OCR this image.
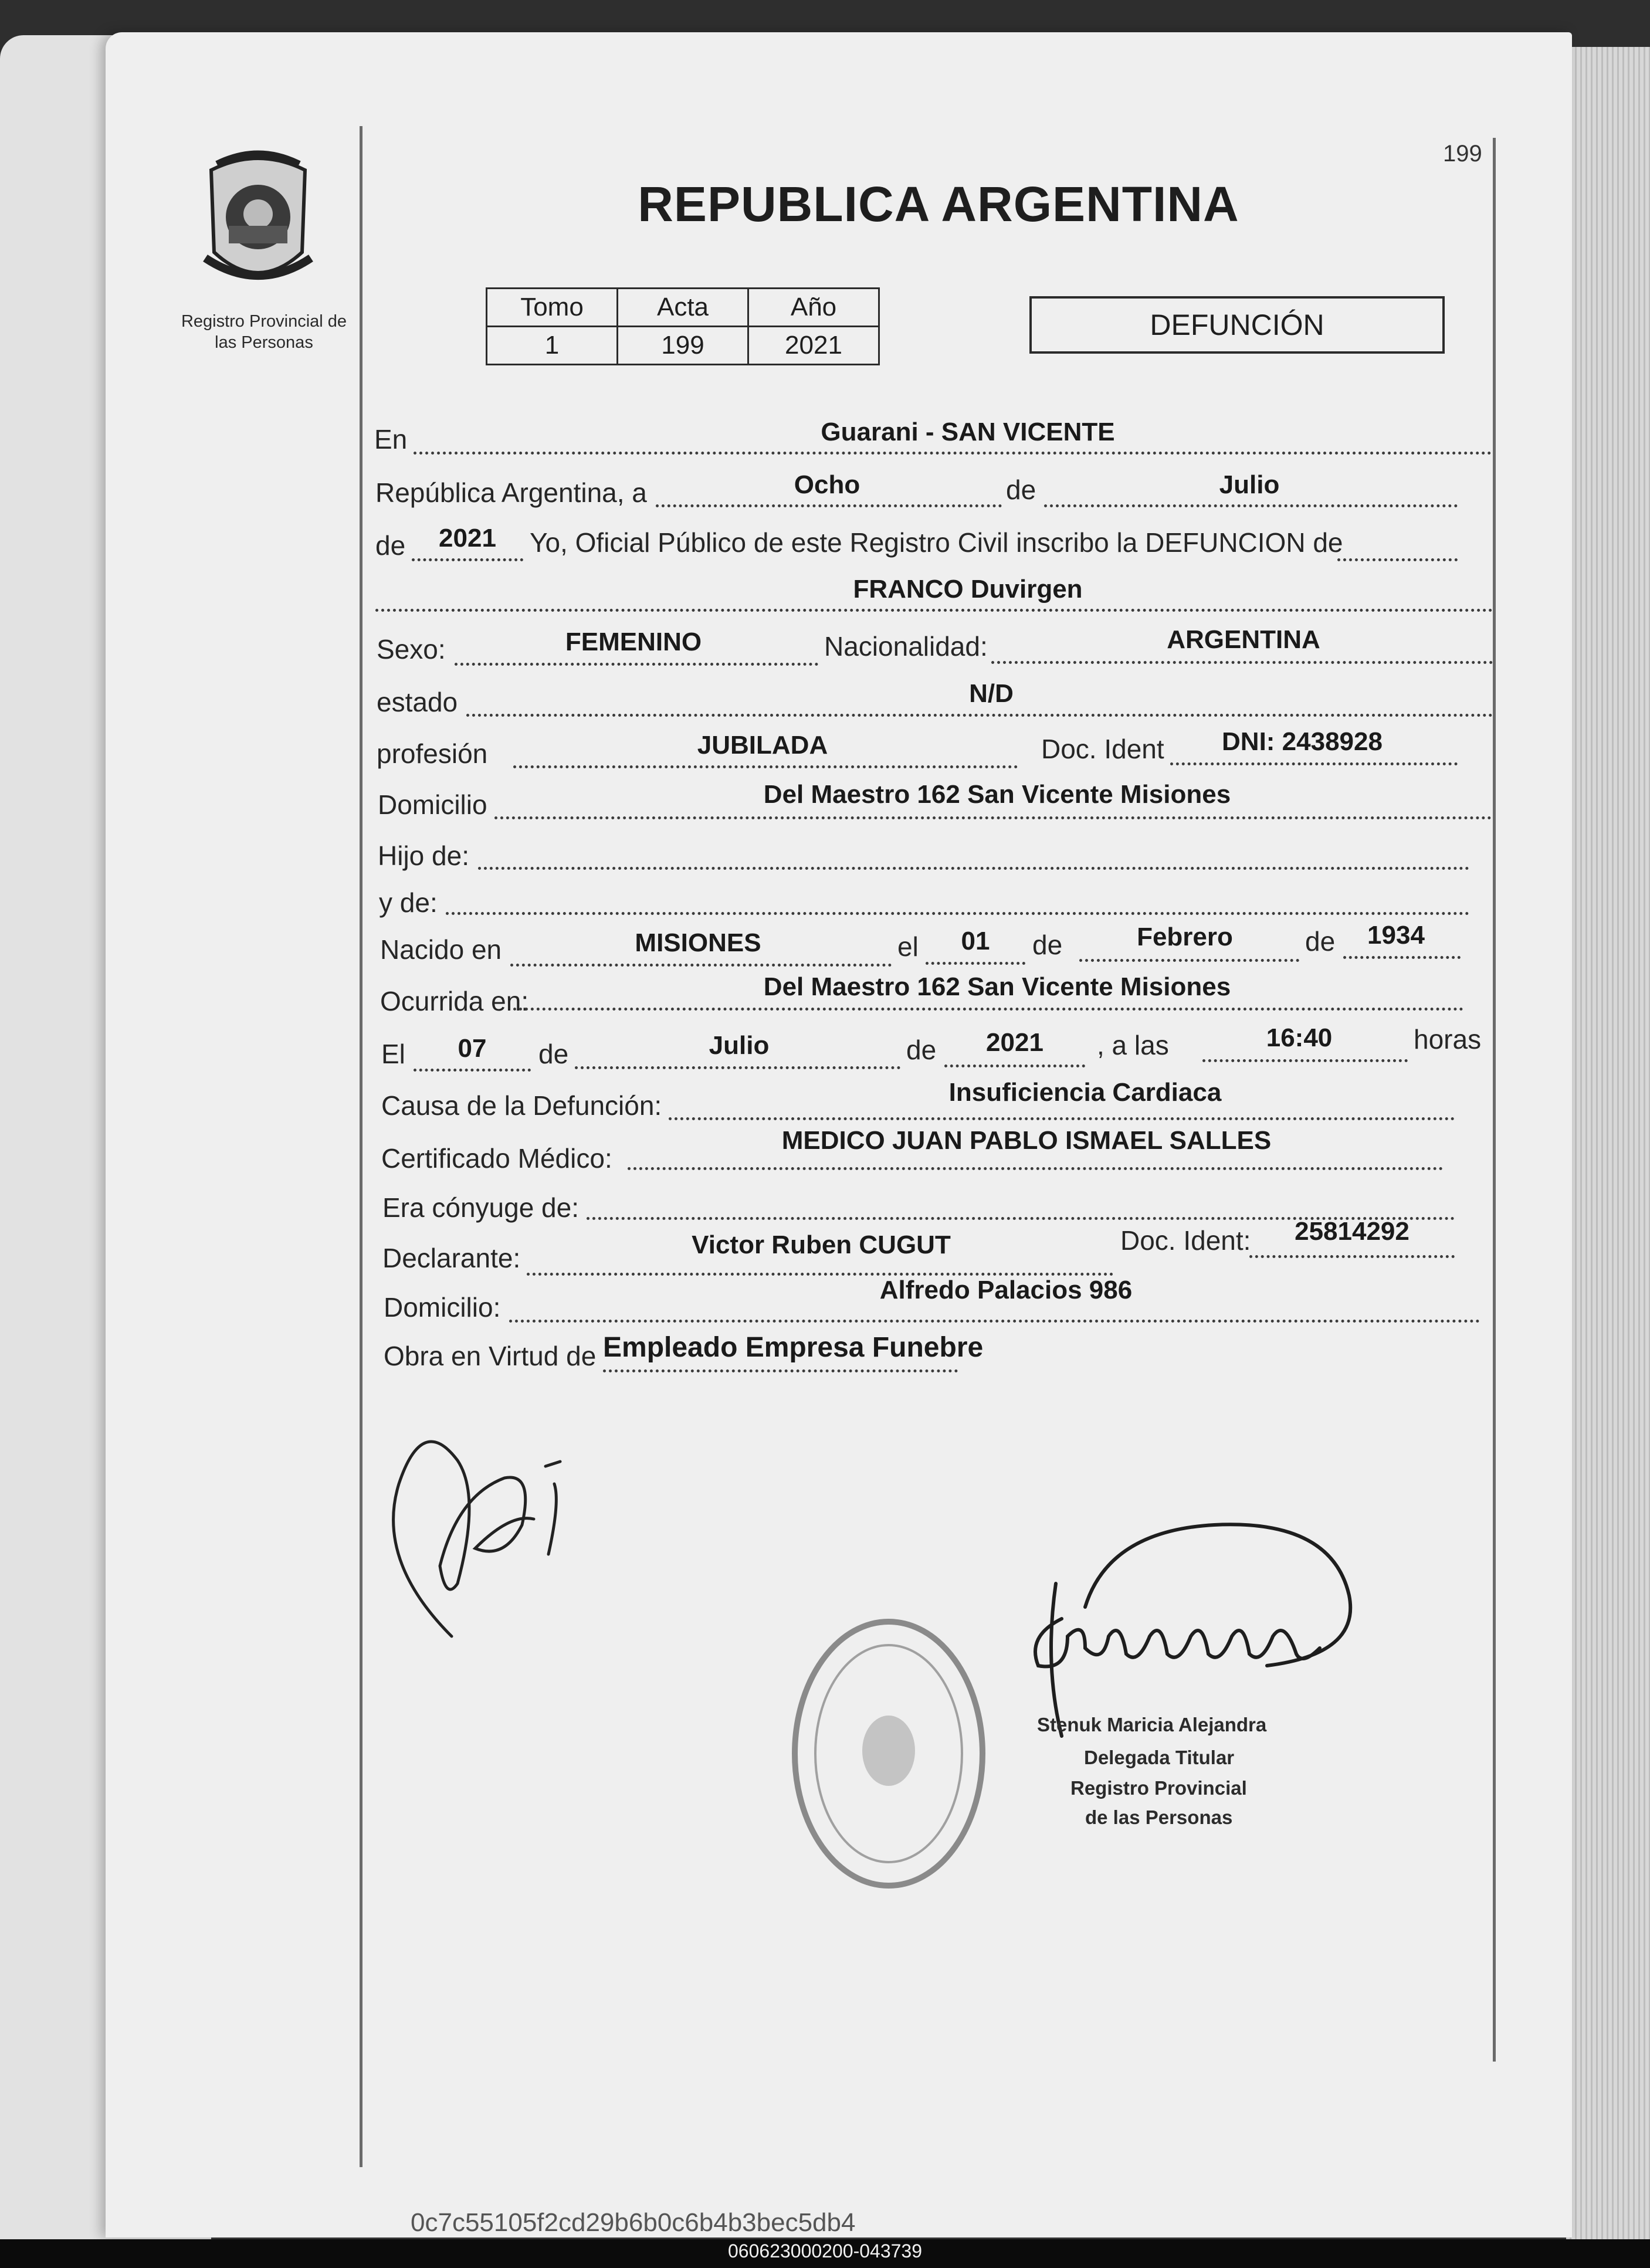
Registro Provincial de
las Personas
199
REPUBLICA ARGENTINA
Tomo	Acta	Año
1	199	2021
DEFUNCIÓN
En	Guarani - SAN VICENTE
República Argentina, a	Ocho	de	Julio
de	2021	Yo, Oficial Público de este Registro Civil inscribo la DEFUNCION de
FRANCO Duvirgen
Sexo:	FEMENINO	Nacionalidad:	ARGENTINA
estado	N/D
profesión	JUBILADA	Doc. Ident	DNI: 2438928
Domicilio	Del Maestro 162 San Vicente Misiones
Hijo de:
y de:
Nacido en	MISIONES	el	01	de	Febrero	de	1934
Ocurrida en:	Del Maestro 162 San Vicente Misiones
El	07	de	Julio	de	2021	, a las	16:40	horas
Causa de la Defunción:	Insuficiencia Cardiaca
Certificado Médico:
MEDICO JUAN PABLO ISMAEL SALLES
Era cónyuge de:
Declarante:	Victor Ruben CUGUT	Doc. Ident:	25814292
Domicilio:
Alfredo Palacios 986
Obra en Virtud de Empleado Empresa Funebre
Stenuk Maricia Alejandra
Delegada Titular
Registro Provincial
de las Personas
0c7c55105f2cd29b6b0c6b4b3bec5db4
060623000200-043739
